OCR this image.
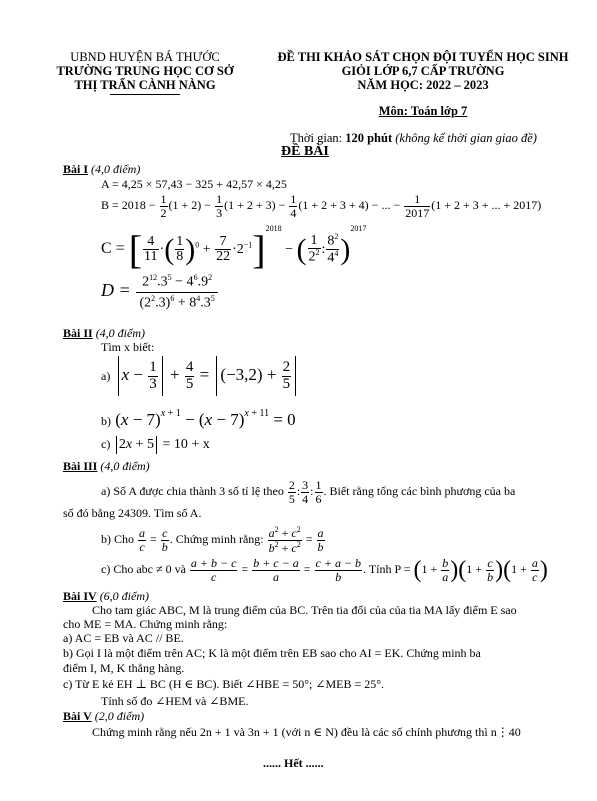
UBND HUYỆN BÁ THƯỚC
TRƯỜNG TRUNG HỌC CƠ SỞ
THỊ TRẤN CÀNH NÀNG
ĐỀ THI KHẢO SÁT CHỌN ĐỘI TUYỂN HỌC SINH
GIỎI LỚP 6,7 CẤP TRƯỜNG
NĂM HỌC: 2022 – 2023
Môn: Toán lớp 7
Thời gian: 120 phút (không kể thời gian giao đề)
ĐỀ BÀI
Bài I (4,0 điểm)
A = 4,25 × 57,43 − 325 + 42,57 × 4,25
$B = 2018 - \frac{1}{2} (1 + 2) - \frac{1}{3} (1 + 2 + 3) - \frac{1}{4} (1 + 2 + 3 + 4)$ − ... − $\frac{1}{2017} (1 + 2 + 3$ + ... + 2017)
C = [ $\frac{4}{11}$ ·( $\frac{1}{8} )^0 + \frac{7}{22} \cdot 2^{-1}]^{2018}$ − ( $\frac{1}{2^2}$ : $\frac{8^2}{4^4} )^{2017}$
$D = \frac{2^{12}.3^5 - 4^6.9^2}{(2^2.3)^6 + 8^4.3^5}$
Bài II (4,0 điểm)
Tìm x biết:
a) $x - \frac{1}{3} + \frac{4}{5} = (-3,2) + \frac{2}{5}$
b) $(x - 7)^{x + 1} - (x - 7)^{x + 11} = 0$
c) 2x + 5 = 10 + x
Bài III (4,0 điểm)
a) Số A được chia thành 3 số tỉ lệ theo $\frac{2}{5}$ : $\frac{3}{4}$ : $\frac{1}{6}$ . Biết rằng tổng các bình phương của ba
số đó bằng 24309. Tìm số A.
b) Cho $\frac{a}{c} = \frac{c}{b}$ . Chứng minh rằng: $\frac{a^2 + c^2}{b^2 + c^2} = \frac{a}{b}$
c) Cho abc ≠ 0 và $\frac{a + b - c}{c} = \frac{b + c - a}{a} = \frac{c + a - b}{b}$ . Tính $P = (1 + \frac{b}{a} )(1 + \frac{c}{b} )(1 + \frac{a}{c}$ )
Bài IV (6,0 điểm)
Cho tam giác ABC, M là trung điểm của BC. Trên tia đối của của tia MA lấy điểm E sao
cho ME = MA. Chứng minh rằng:
a) AC = EB và AC // BE.
b) Gọi I là một điểm trên AC; K là một điểm trên EB sao cho AI = EK. Chứng minh ba
điểm I, M, K thẳng hàng.
c) Từ E kẻ EH ⊥ BC (H ∈ BC). Biết ∠HBE = 50°; ∠MEB = 25°.
Tính số đo ∠HEM và ∠BME.
Bài V (2,0 điểm)
Chứng minh rằng nếu 2n + 1 và 3n + 1 (với n ∈ N) đều là các số chính phương thì n⋮40
...... Hết ......
